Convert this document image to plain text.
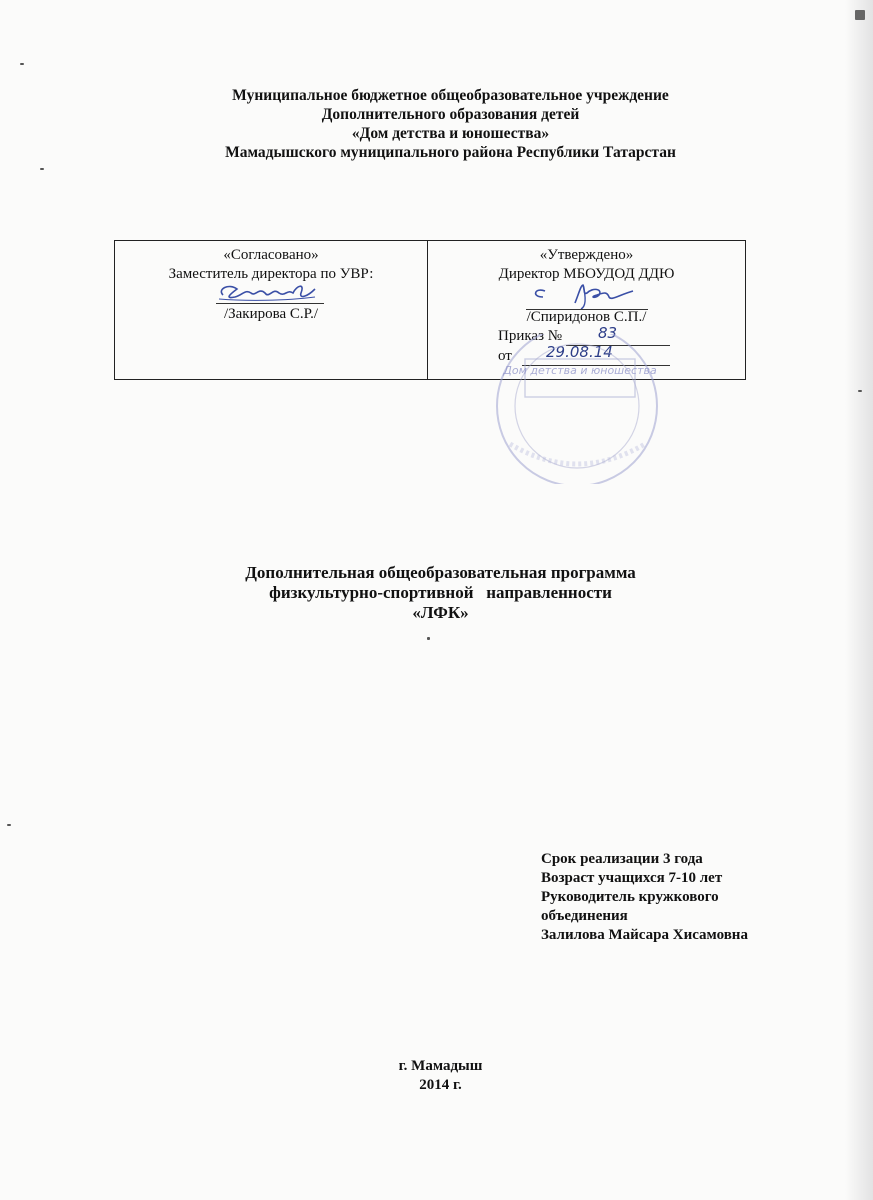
Муниципальное бюджетное общеобразовательное учреждение
Дополнительного образования детей
«Дом детства и юношества»
Мамадышского муниципального района Республики Татарстан
«Согласовано»
Заместитель директора по УВР:
/Закирова С.Р./
«Утверждено»
Директор МБОУДОД ДДЮ
/Спиридонов С.П./
Приказ № 83
от 29.08.14
Дом детства и юношества
Дополнительная общеобразовательная программа
физкультурно-спортивной   направленности
«ЛФК»
Срок реализации 3 года
Возраст учащихся 7-10 лет
Руководитель кружкового
объединения
Залилова Майсара Хисамовна
г. Мамадыш
2014 г.
